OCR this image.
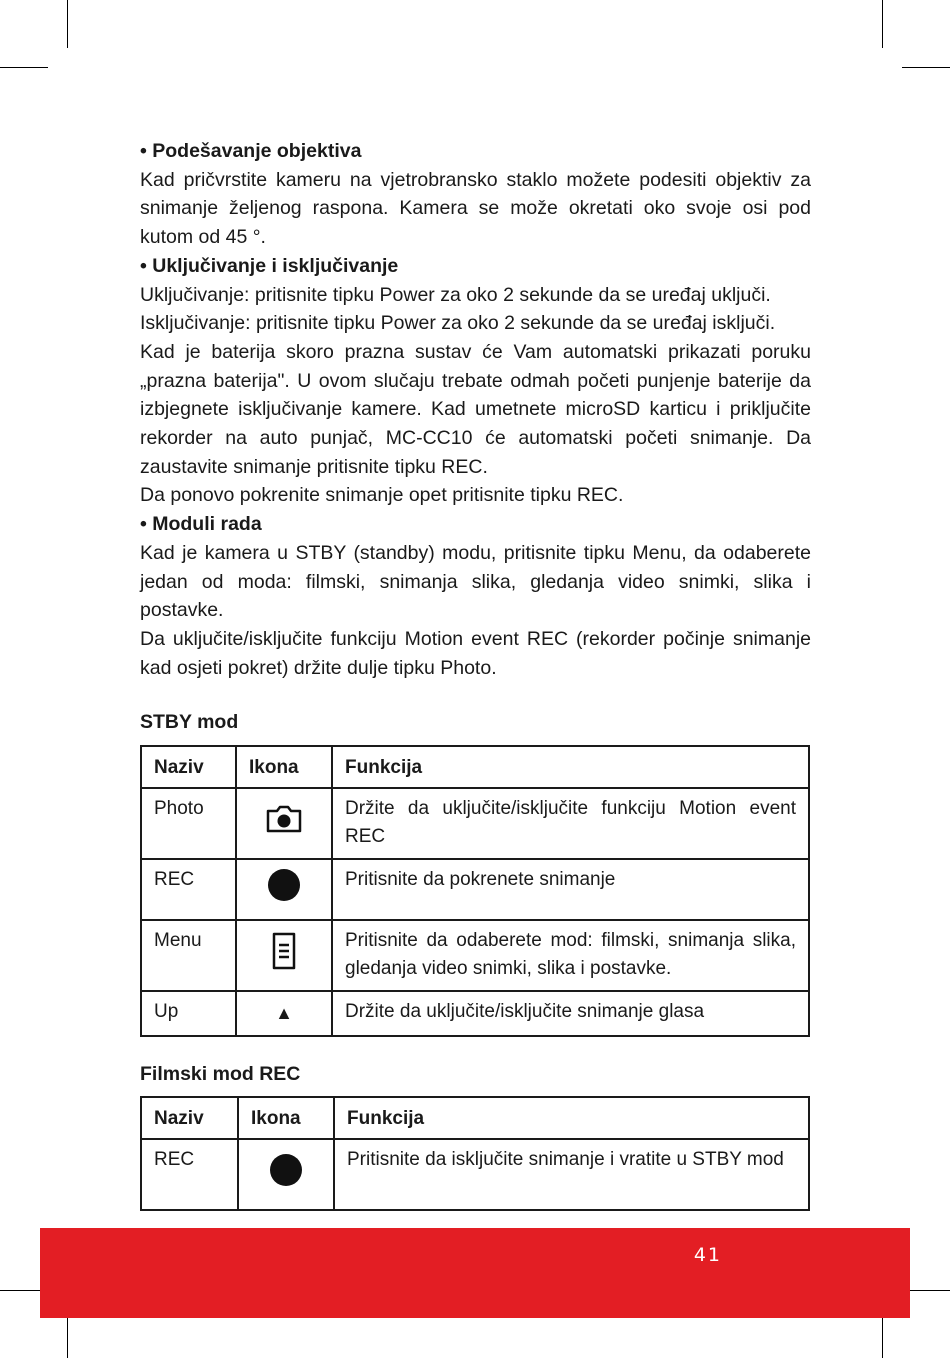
• Podešavanje objektiva

Kad pričvrstite kameru na vjetrobransko staklo možete podesiti objektiv za snimanje željenog raspona. Kamera se može okretati oko svoje osi pod kutom od 45 °.

• Uključivanje i isključivanje

Uključivanje: pritisnite tipku Power za oko 2 sekunde da se uređaj uključi.

Isključivanje: pritisnite tipku Power za oko 2 sekunde da se uređaj isključi.

Kad je baterija skoro prazna sustav će Vam automatski prikazati poruku „prazna baterija". U ovom slučaju trebate odmah početi punjenje baterije da izbjegnete isključivanje kamere. Kad umetnete microSD karticu i priključite rekorder na auto punjač, MC-CC10 će automatski početi snimanje. Da zaustavite snimanje pritisnite tipku REC.

Da ponovo pokrenite snimanje opet pritisnite tipku REC.

• Moduli rada

Kad je kamera u STBY (standby) modu, pritisnite tipku Menu, da odaberete jedan od moda: filmski, snimanja slika, gledanja video snimki, slika i postavke.

Da uključite/isključite funkciju Motion event REC (rekorder počinje snimanje kad osjeti pokret) držite dulje tipku Photo.

STBY mod
Naziv	Ikona	Funkcija
Photo		Držite da uključite/isključite funkciju Motion event REC
REC		Pritisnite da pokrenete snimanje
Menu		Pritisnite da odaberete mod: filmski, snimanja slika, gledanja video snimki, slika i postavke.
Up	▲	Držite da uključite/isključite snimanje glasa
Filmski mod REC
Naziv	Ikona	Funkcija
REC		Pritisnite da isključite snimanje i vratite u STBY mod
41
